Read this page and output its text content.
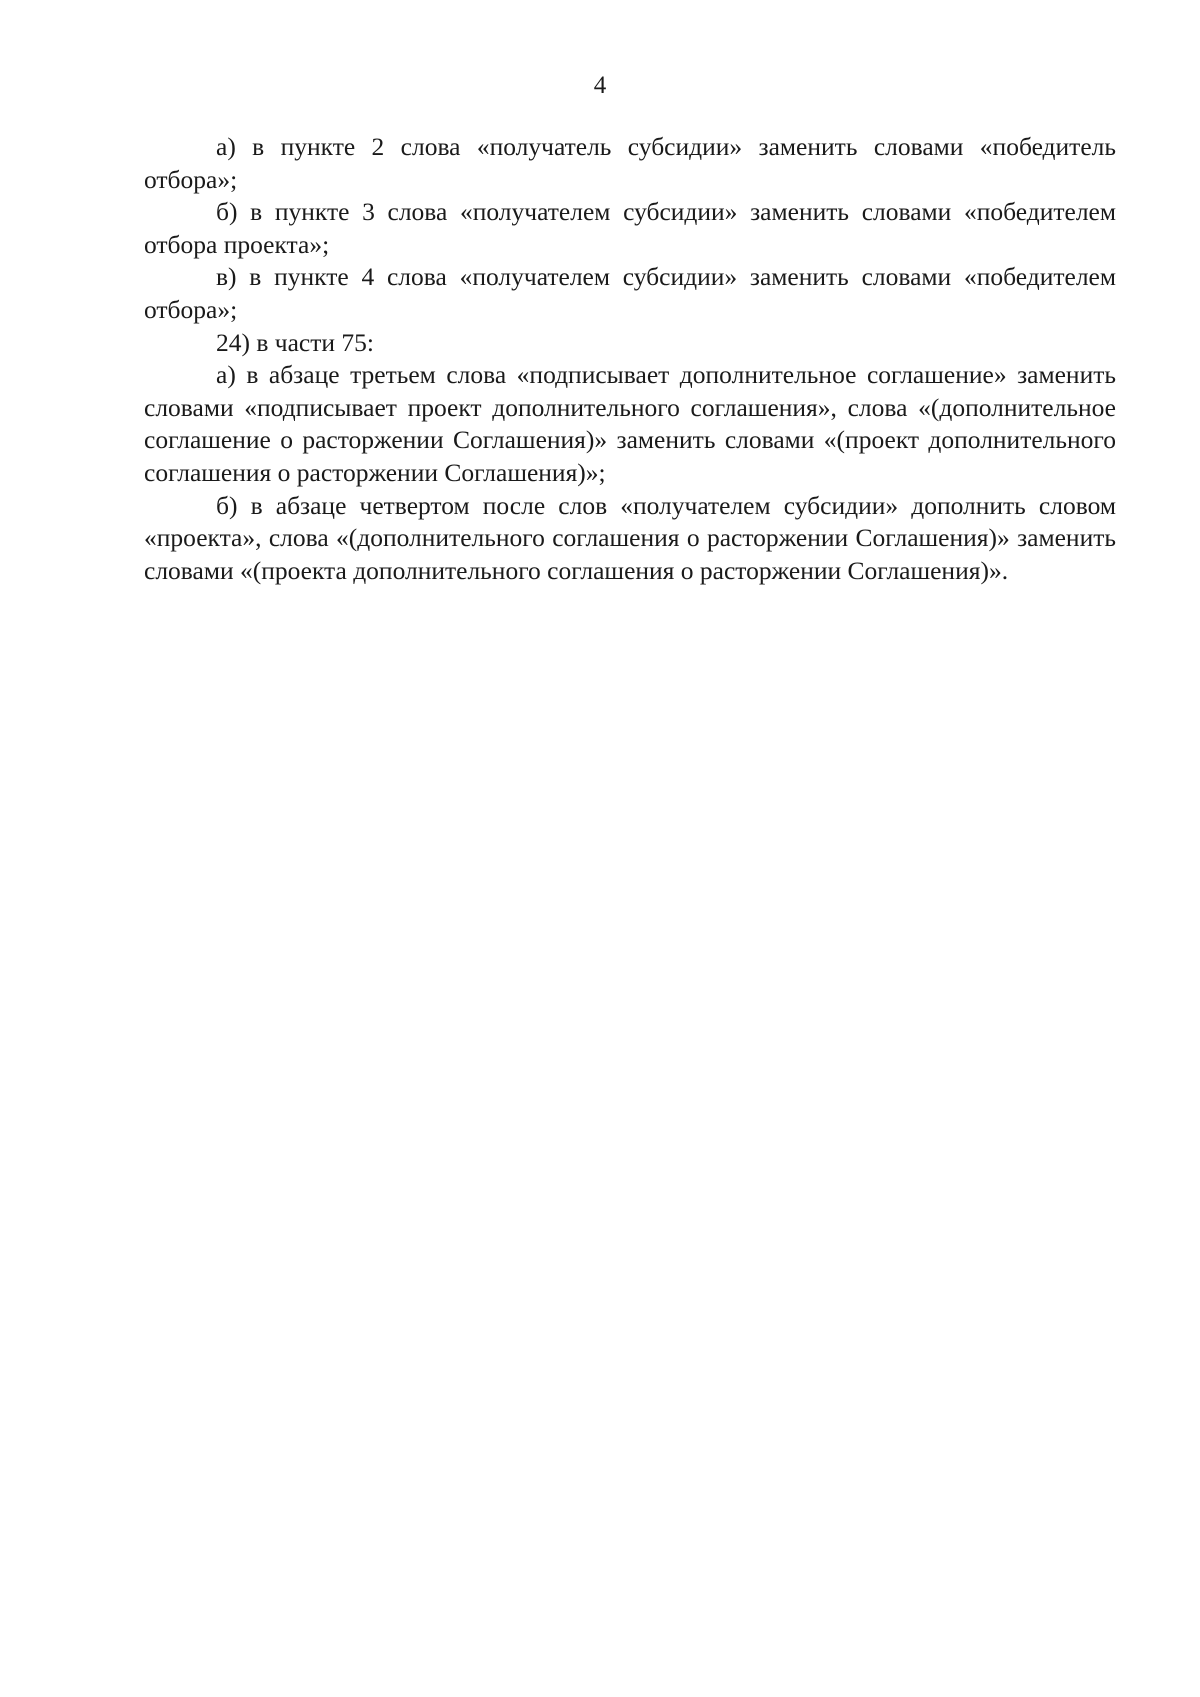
4

а) в пункте 2 слова «получатель субсидии» заменить словами «победитель отбора»;

б) в пункте 3 слова «получателем субсидии» заменить словами «победителем отбора проекта»;

в) в пункте 4 слова «получателем субсидии» заменить словами «победителем отбора»;

24) в части 75:

а) в абзаце третьем слова «подписывает дополнительное соглашение» заменить словами «подписывает проект дополнительного соглашения», слова «(дополнительное соглашение о расторжении Соглашения)» заменить словами «(проект дополнительного соглашения о расторжении Соглашения)»;

б) в абзаце четвертом после слов «получателем субсидии» дополнить словом «проекта», слова «(дополнительного соглашения о расторжении Соглашения)» заменить словами «(проекта дополнительного соглашения о расторжении Соглашения)».
